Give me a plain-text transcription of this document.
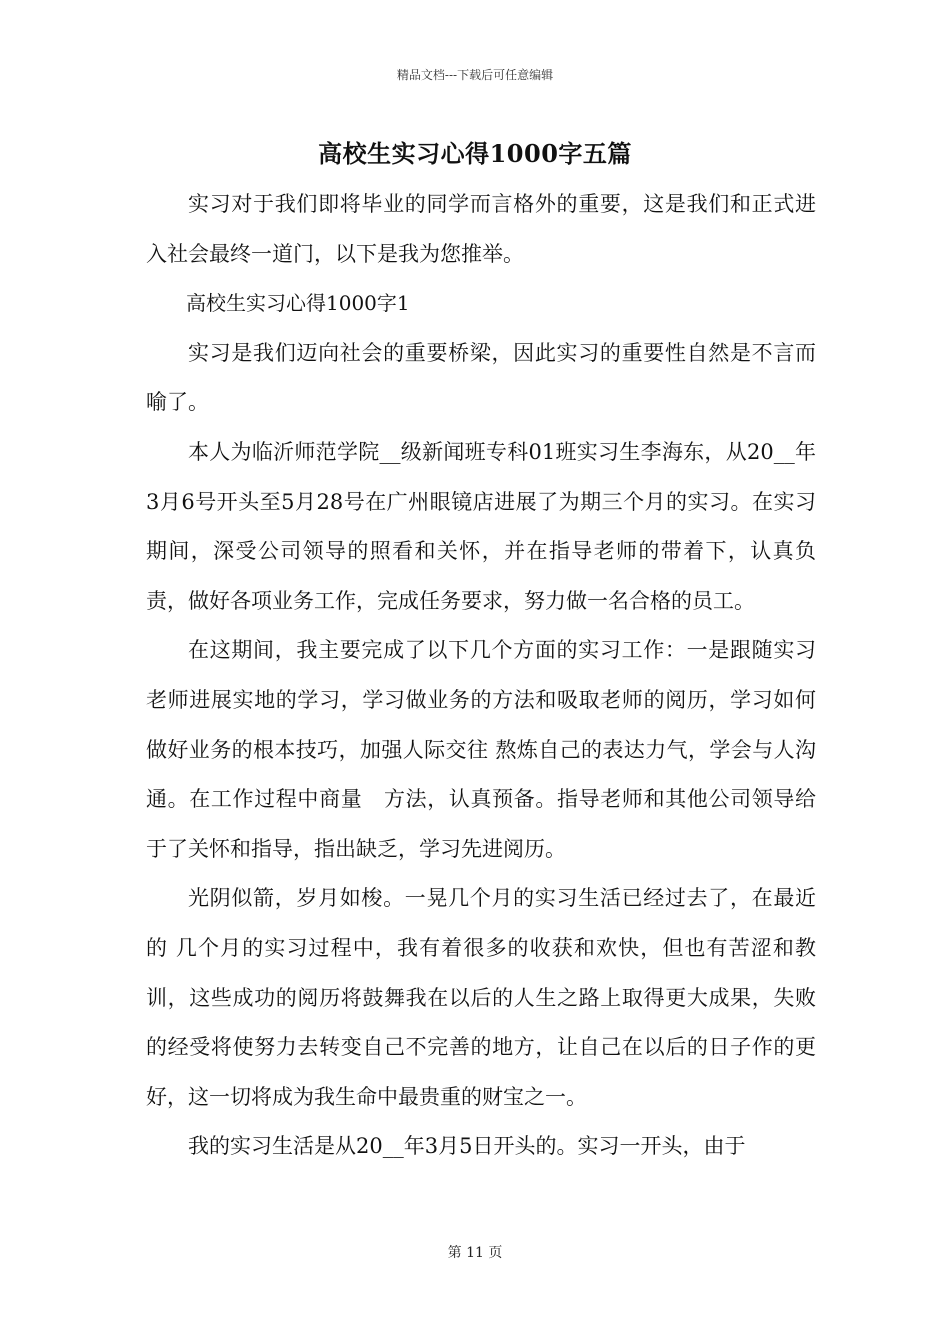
精品文档---下载后可任意编辑
高校生实习心得1000字五篇

实习对于我们即将毕业的同学而言格外的重要，这是我们和正式进入社会最终一道门，以下是我为您推举。

高校生实习心得1000字1

实习是我们迈向社会的重要桥梁，因此实习的重要性自然是不言而喻了。

本人为临沂师范学院__级新闻班专科01班实习生李海东，从20__年3月6号开头至5月28号在广州眼镜店进展了为期三个月的实习。在实习期间，深受公司领导的照看和关怀，并在指导老师的带着下，认真负责，做好各项业务工作，完成任务要求，努力做一名合格的员工。

在这期间，我主要完成了以下几个方面的实习工作：一是跟随实习老师进展实地的学习，学习做业务的方法和吸取老师的阅历，学习如何做好业务的根本技巧，加强人际交往 熬炼自己的表达力气，学会与人沟通。在工作过程中商量　方法，认真预备。指导老师和其他公司领导给于了关怀和指导，指出缺乏，学习先进阅历。

光阴似箭，岁月如梭。一晃几个月的实习生活已经过去了，在最近的 几个月的实习过程中，我有着很多的收获和欢快，但也有苦涩和教训，这些成功的阅历将鼓舞我在以后的人生之路上取得更大成果，失败的经受将使努力去转变自己不完善的地方，让自己在以后的日子作的更好，这一切将成为我生命中最贵重的财宝之一。

我的实习生活是从20__年3月5日开头的。实习一开头，由于

第 11 页
